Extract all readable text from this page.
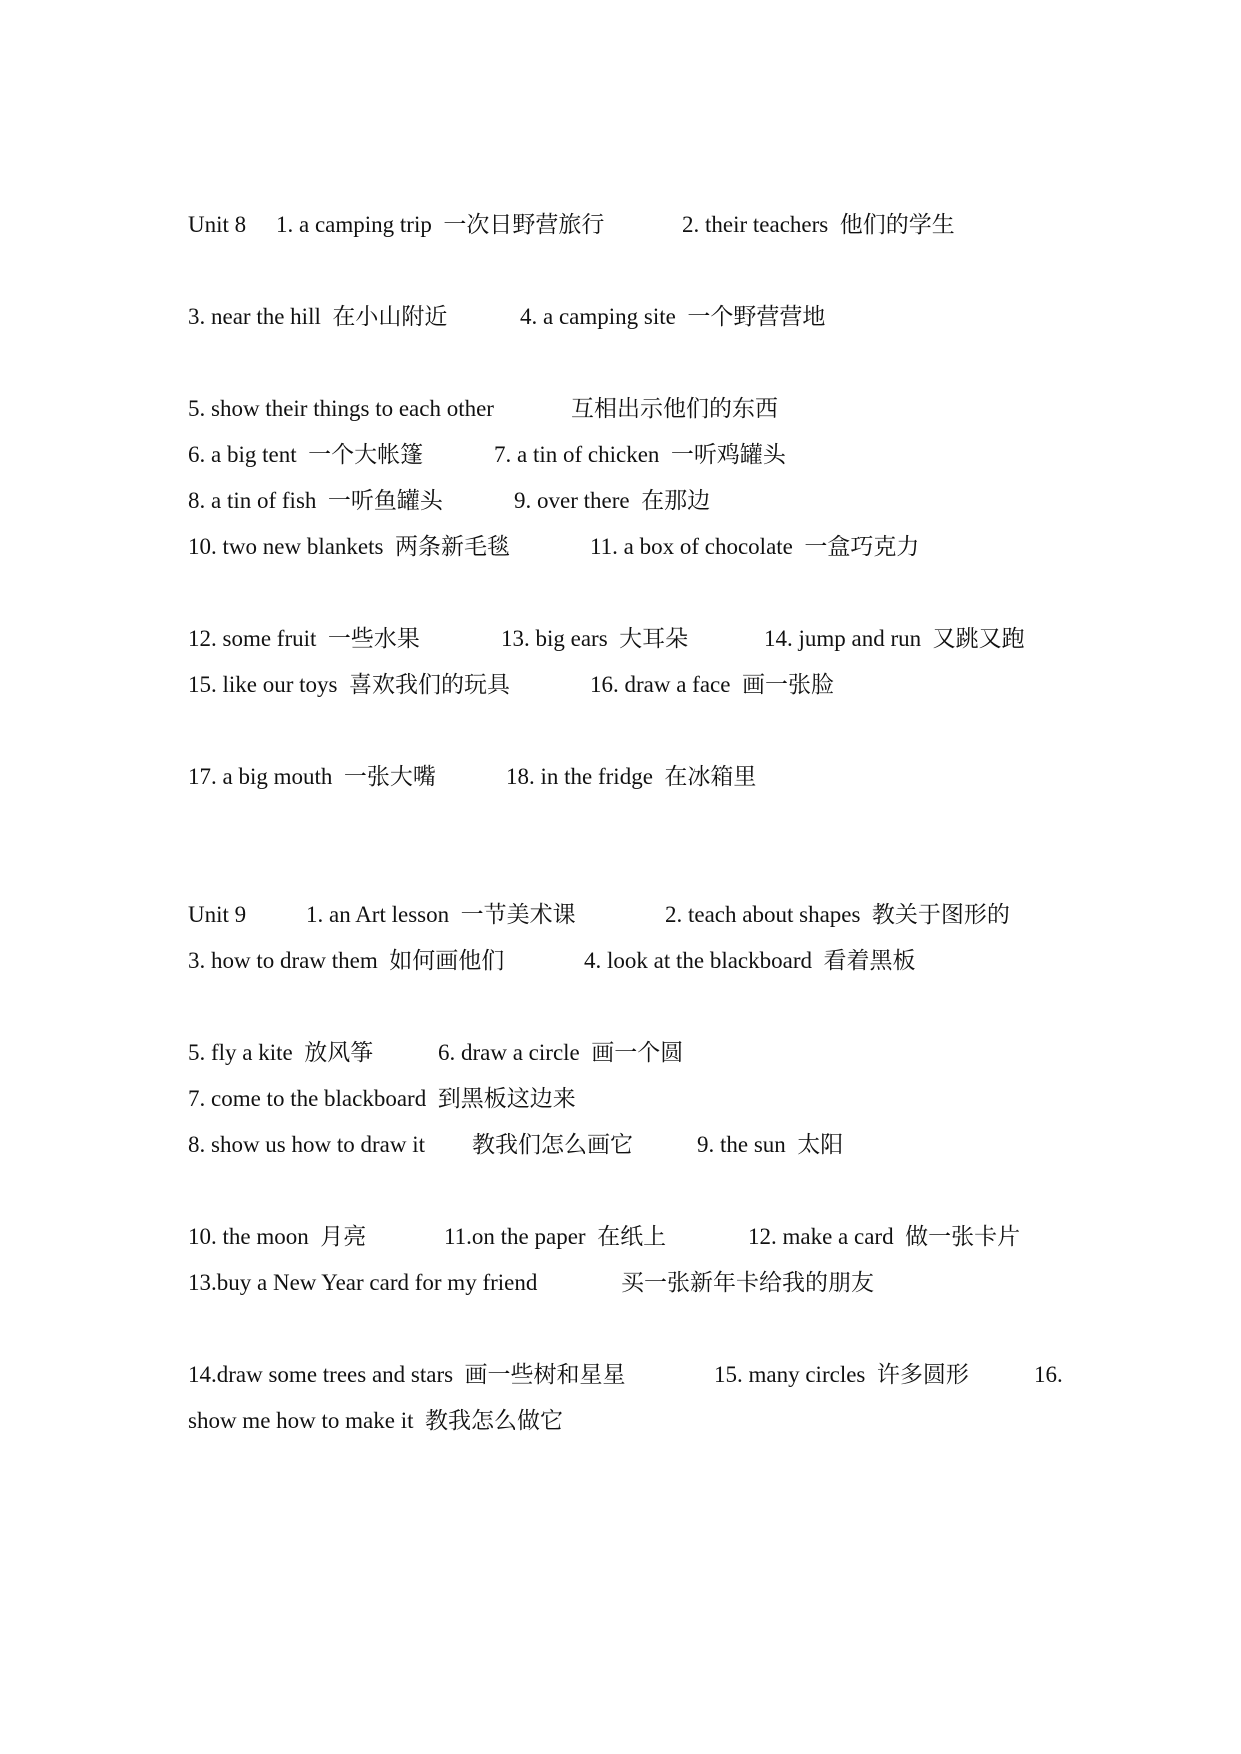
Unit 8

1. a camping trip  一次日野营旅行

	2. their teachers  他们的学生

3. near the hill  在小山附近

	4. a camping site  一个野营营地

5. show their things to each other

	互相出示他们的东西

6. a big tent  一个大帐篷

	7. a tin of chicken  一听鸡罐头

8. a tin of fish  一听鱼罐头

	9. over there  在那边

10. two new blankets  两条新毛毯

	11. a box of chocolate  一盒巧克力

12. some fruit  一些水果

	13. big ears  大耳朵

	14. jump and run  又跳又跑

15. like our toys  喜欢我们的玩具

	16. draw a face  画一张脸

17. a big mouth  一张大嘴

	18. in the fridge  在冰箱里

Unit 9

	1. an Art lesson  一节美术课

	2. teach about shapes  教关于图形的

3. how to draw them  如何画他们

	4. look at the blackboard  看着黑板

5. fly a kite  放风筝

	6. draw a circle  画一个圆

7. come to the blackboard  到黑板这边来

8. show us how to draw it

教我们怎么画它

	9. the sun  太阳

10. the moon  月亮

	11.on the paper  在纸上

	12. make a card  做一张卡片

13.buy a New Year card for my friend

	买一张新年卡给我的朋友

14.draw some trees and stars  画一些树和星星

	15. many circles  许多圆形

	16.

show me how to make it  教我怎么做它
